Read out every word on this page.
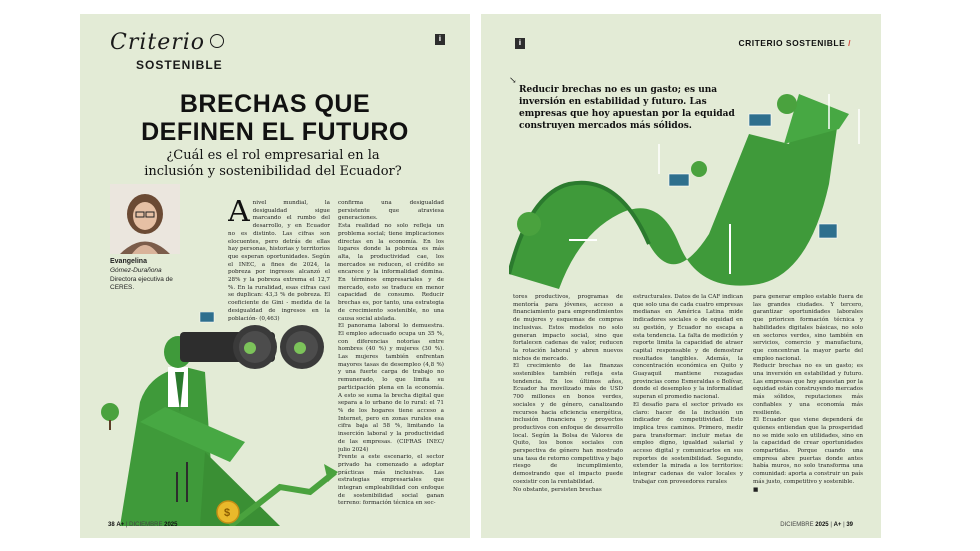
Criterio
SOSTENIBLE
i
BRECHAS QUE
DEFINEN EL FUTURO
¿Cuál es el rol empresarial en la inclusión y sostenibilidad del Ecuador?
Evangelina
Gómez-Durañona
Directora ejecutiva de CERES.
A nivel mundial, la desigualdad sigue marcando el rumbo del desarrollo, y en Ecuador no es distinto. Las cifras son elocuentes, pero detrás de ellas hay personas, historias y territorios que esperan oportunidades. Según el INEC, a fines de 2024, la pobreza por ingresos alcanzó el 28% y la pobreza extrema el 12,7 %. En la ruralidad, esas cifras casi se duplican: 43,3 % de pobreza. El coeficiente de Gini - medida de la desigualdad de ingresos en la población- (0,463)

confirma una desigualdad persistente que atraviesa generaciones.

Esta realidad no solo refleja un problema social; tiene implicaciones directas en la economía. En los lugares donde la pobreza es más alta, la productividad cae, los mercados se reducen, el crédito se encarece y la informalidad domina. En términos empresariales y de mercado, esto se traduce en menor capacidad de consumo. Reducir brechas es, por tanto, una estrategia de crecimiento sostenible, no una causa social aislada.

El panorama laboral lo demuestra. El empleo adecuado ocupa un 35 %, con diferencias notorias entre hombres (40 %) y mujeres (30 %). Las mujeres también enfrentan mayores tasas de desempleo (4,8 %) y una fuerte carga de trabajo no remunerado, lo que limita su participación plena en la economía. A esto se suma la brecha digital que separa a lo urbano de lo rural: el 71 % de los hogares tiene acceso a Internet, pero en zonas rurales esa cifra baja al 58 %, limitando la inserción laboral y la productividad de las empresas. (CIFRAS INEC/ julio 2024)

Frente a este escenario, el sector privado ha comenzado a adoptar prácticas más inclusivas. Las estrategias empresariales que integran empleabilidad con enfoque de sostenibilidad social ganan terreno: formación técnica en sec-

$
38 A+ | DICIEMBRE 2025
i	CRITERIO SOSTENIBLE /
↘
Reducir brechas no es un gasto; es una inversión en estabilidad y futuro. Las empresas que hoy apuestan por la equidad construyen mercados más sólidos.

tores productivos, programas de mentoría para jóvenes, acceso a financiamiento para emprendimientos de mujeres y esquemas de compras inclusivas. Estos modelos no solo generan impacto social, sino que fortalecen cadenas de valor, reducen la rotación laboral y abren nuevos nichos de mercado.

El crecimiento de las finanzas sostenibles también refleja esta tendencia. En los últimos años, Ecuador ha movilizado más de USD 700 millones en bonos verdes, sociales y de género, canalizando recursos hacia eficiencia energética, inclusión financiera y proyectos productivos con enfoque de desarrollo local. Según la Bolsa de Valores de Quito, los bonos sociales con perspectiva de género han mostrado una tasa de retorno competitiva y bajo riesgo de incumplimiento, demostrando que el impacto puede coexistir con la rentabilidad.

No obstante, persisten brechas

estructurales. Datos de la CAF indican que solo una de cada cuatro empresas medianas en América Latina mide indicadores sociales o de equidad en su gestión, y Ecuador no escapa a esta tendencia. La falta de medición y reporte limita la capacidad de atraer capital responsable y de demostrar resultados tangibles. Además, la concentración económica en Quito y Guayaquil mantiene rezagadas provincias como Esmeraldas o Bolívar, donde el desempleo y la informalidad superan el promedio nacional.

El desafío para el sector privado es claro: hacer de la inclusión un indicador de competitividad. Esto implica tres caminos. Primero, medir para transformar: incluir metas de empleo digno, igualdad salarial y acceso digital y comunicarlos en sus reportes de sostenibilidad. Segundo, extender la mirada a los territorios: integrar cadenas de valor locales y trabajar con proveedores rurales

para generar empleo estable fuera de las grandes ciudades. Y tercero, garantizar oportunidades laborales que prioricen formación técnica y habilidades digitales básicas, no solo en sectores verdes, sino también en servicios, comercio y manufactura, que concentran la mayor parte del empleo nacional.

Reducir brechas no es un gasto; es una inversión en estabilidad y futuro. Las empresas que hoy apuestan por la equidad están construyendo mercados más sólidos, reputaciones más confiables y una economía más resiliente.

El Ecuador que viene dependerá de quienes entiendan que la prosperidad no se mide solo en utilidades, sino en la capacidad de crear oportunidades compartidas. Porque cuando una empresa abre puertas donde antes había muros, no solo transforma una comunidad: aporta a construir un país más justo, competitivo y sostenible.

■
DICIEMBRE 2025 | A+ | 39
